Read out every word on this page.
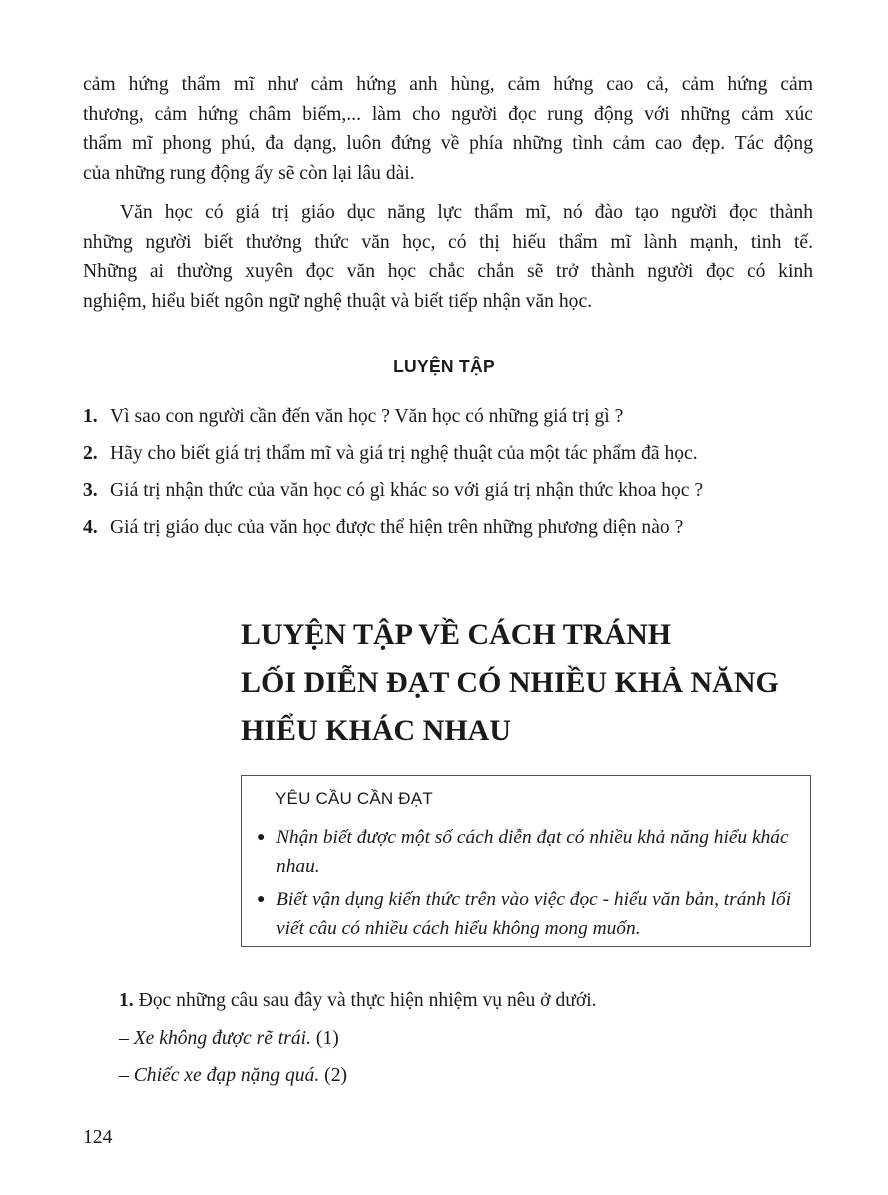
cảm hứng thẩm mĩ như cảm hứng anh hùng, cảm hứng cao cả, cảm hứng cảm
thương, cảm hứng châm biếm,... làm cho người đọc rung động với những cảm xúc
thẩm mĩ phong phú, đa dạng, luôn đứng về phía những tình cảm cao đẹp. Tác động
của những rung động ấy sẽ còn lại lâu dài.
Văn học có giá trị giáo dục năng lực thẩm mĩ, nó đào tạo người đọc thành
những người biết thưởng thức văn học, có thị hiếu thẩm mĩ lành mạnh, tinh tế.
Những ai thường xuyên đọc văn học chắc chắn sẽ trở thành người đọc có kinh
nghiệm, hiểu biết ngôn ngữ nghệ thuật và biết tiếp nhận văn học.
LUYỆN TẬP
1. Vì sao con người cần đến văn học ? Văn học có những giá trị gì ?
2. Hãy cho biết giá trị thẩm mĩ và giá trị nghệ thuật của một tác phẩm đã học.
3. Giá trị nhận thức của văn học có gì khác so với giá trị nhận thức khoa học ?
4. Giá trị giáo dục của văn học được thể hiện trên những phương diện nào ?
LUYỆN TẬP VỀ CÁCH TRÁNH
LỐI DIỄN ĐẠT CÓ NHIỀU KHẢ NĂNG
HIỂU KHÁC NHAU
YÊU CẦU CẦN ĐẠT
● Nhận biết được một số cách diễn đạt có nhiều khả năng hiểu khác nhau.
● Biết vận dụng kiến thức trên vào việc đọc - hiểu văn bản, tránh lối viết câu có nhiều cách hiểu không mong muốn.
1. Đọc những câu sau đây và thực hiện nhiệm vụ nêu ở dưới.
– Xe không được rẽ trái. (1)
– Chiếc xe đạp nặng quá. (2)
124
